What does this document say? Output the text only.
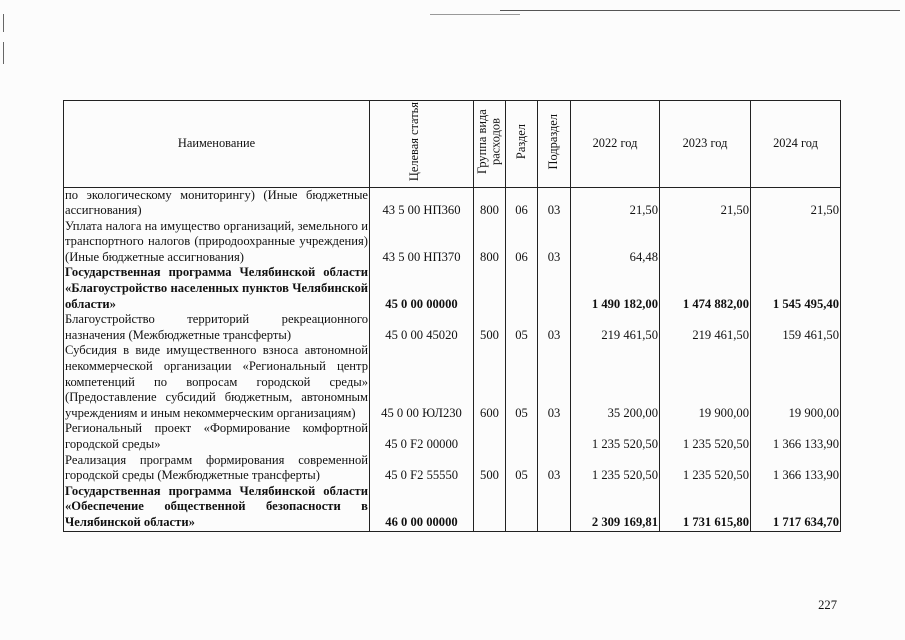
Наименование	Целевая статья	Группа вида расходов	Раздел	Подраздел	2022 год	2023 год	2024 год
по экологическому мониторингу) (Иные бюджетные ассигнования)	43 5 00 НП360	800	06	03	21,50	21,50	21,50
Уплата налога на имущество организаций, земельного и транспортного налогов (природоохранные учреждения) (Иные бюджетные ассигнования)	43 5 00 НП370	800	06	03	64,48		
Государственная программа Челябинской области «Благоустройство населенных пунктов Челябинской области»	45 0 00 00000				1 490 182,00	1 474 882,00	1 545 495,40
Благоустройство территорий рекреационного назначения (Межбюджетные трансферты)	45 0 00 45020	500	05	03	219 461,50	219 461,50	159 461,50
Субсидия в виде имущественного взноса автономной некоммерческой организации «Региональный центр компетенций по вопросам городской среды» (Предоставление субсидий бюджетным, автономным учреждениям и иным некоммерческим организациям)	45 0 00 ЮЛ230	600	05	03	35 200,00	19 900,00	19 900,00
Региональный проект «Формирование комфортной городской среды»	45 0 F2 00000				1 235 520,50	1 235 520,50	1 366 133,90
Реализация программ формирования современной городской среды (Межбюджетные трансферты)	45 0 F2 55550	500	05	03	1 235 520,50	1 235 520,50	1 366 133,90
Государственная программа Челябинской области «Обеспечение общественной безопасности в Челябинской области»	46 0 00 00000				2 309 169,81	1 731 615,80	1 717 634,70
227
